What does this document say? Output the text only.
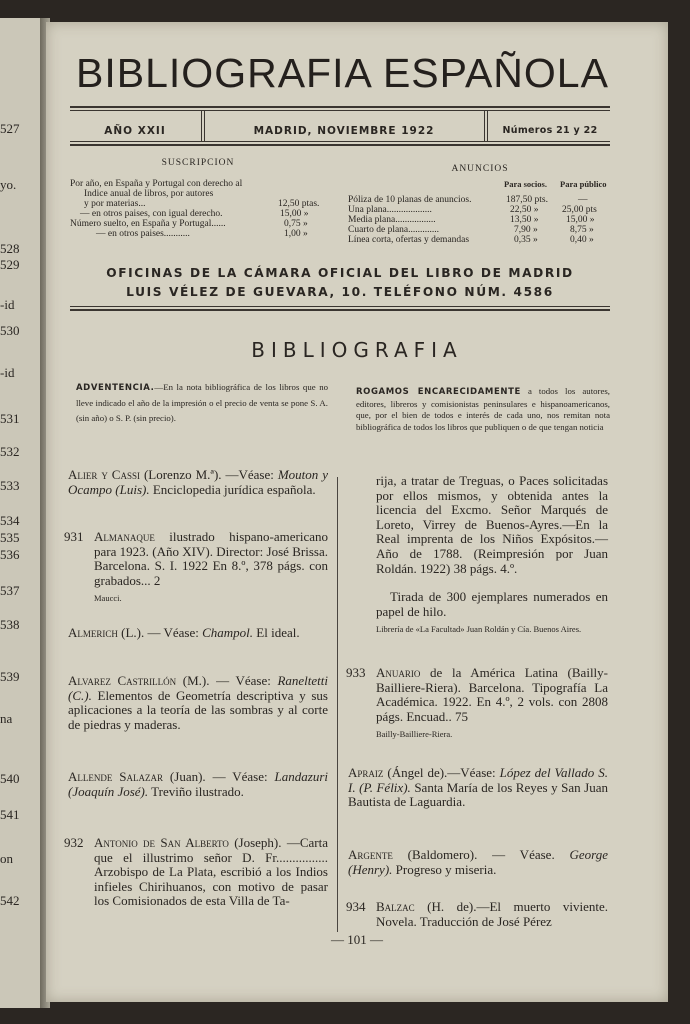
527
yo.
528
529
-id
530
-id
531
532
533
534
535
536
537
538
539
na
540
541
on
542
BIBLIOGRAFIA ESPAÑOLA
AÑO XXII	MADRID, NOVIEMBRE 1922	Números 21 y 22
SUSCRIPCION
Por año, en España y Portugal con derecho al
Indice anual de libros, por autores
y por materias...	12,50 ptas.
— en otros paises, con igual derecho.	15,00 »
Número suelto, en España y Portugal......	0,75 »
— en otros paises...........	1,00 »
ANUNCIOS
Para socios. Para público
Póliza de 10 planas de anuncios.	187,50 pts.	—
Una plana...................	22,50 » 25,00 pts
Media plana.................	13,50 »	15,00 »
Cuarto de plana.............	7,90 »	8,75 »
Línea corta, ofertas y demandas	0,35 »	0,40 »
OFICINAS DE LA CÁMARA OFICIAL DEL LIBRO DE MADRID
LUIS VÉLEZ DE GUEVARA, 10. TELÉFONO NÚM. 4586
BIBLIOGRAFIA
ADVENTENCIA.—En la nota bibliográfica de los libros que no lleve indicado el año de la impresión o el precio de venta se pone S. A. (sin año) o S. P. (sin precio).
ROGAMOS ENCARECIDAMENTE a todos los autores, editores, libreros y comisionistas peninsulares e hispanoamericanos, que, por el bien de todos e interés de cada uno, nos remitan nota bibliográfica de todos los libros que publiquen o de que tengan noticia
Alier y Cassi (Lorenzo M.ª). —Véase: Mouton y Ocampo (Luis). Enciclopedia jurídica española.
931 Almanaque ilustrado hispano-americano para 1923. (Año XIV). Director: José Brissa. Barcelona. S. I. 1922 En 8.º, 378 págs. con grabados... 2
Maucci.
Almerich (L.). — Véase: Champol. El ideal.
Alvarez Castrillón (M.). — Véase: Raneltetti (C.). Elementos de Geometría descriptiva y sus aplicaciones a la teoría de las sombras y al corte de piedras y maderas.
Allende Salazar (Juan). — Véase: Landazuri (Joaquín José). Treviño ilustrado.
932 Antonio de San Alberto (Joseph). —Carta que el illustrimo señor D. Fr................ Arzobispo de La Plata, escribió a los Indios infieles Chirihuanos, con motivo de pasar los Comisionados de esta Villa de Ta-
rija, a tratar de Treguas, o Paces solicitadas por ellos mismos, y obtenida antes la licencia del Excmo. Señor Marqués de Loreto, Virrey de Buenos-Ayres.—En la Real imprenta de los Niños Expósitos.—Año de 1788. (Reimpresión por Juan Roldán. 1922) 38 págs. 4.º.
Tirada de 300 ejemplares numerados en papel de hilo.
Librería de «La Facultad» Juan Roldán y Cía. Buenos Aires.
933 Anuario de la América Latina (Bailly-Bailliere-Riera). Barcelona. Tipografía La Académica. 1922. En 4.º, 2 vols. con 2808 págs. Encuad.. 75
Bailly-Bailliere-Riera.
Apraiz (Ángel de).—Véase: López del Vallado S. I. (P. Félix). Santa María de los Reyes y San Juan Bautista de Laguardia.
Argente (Baldomero). — Véase. George (Henry). Progreso y miseria.
934 Balzac (H. de).—El muerto viviente. Novela. Traducción de José Pérez
— 101 —
